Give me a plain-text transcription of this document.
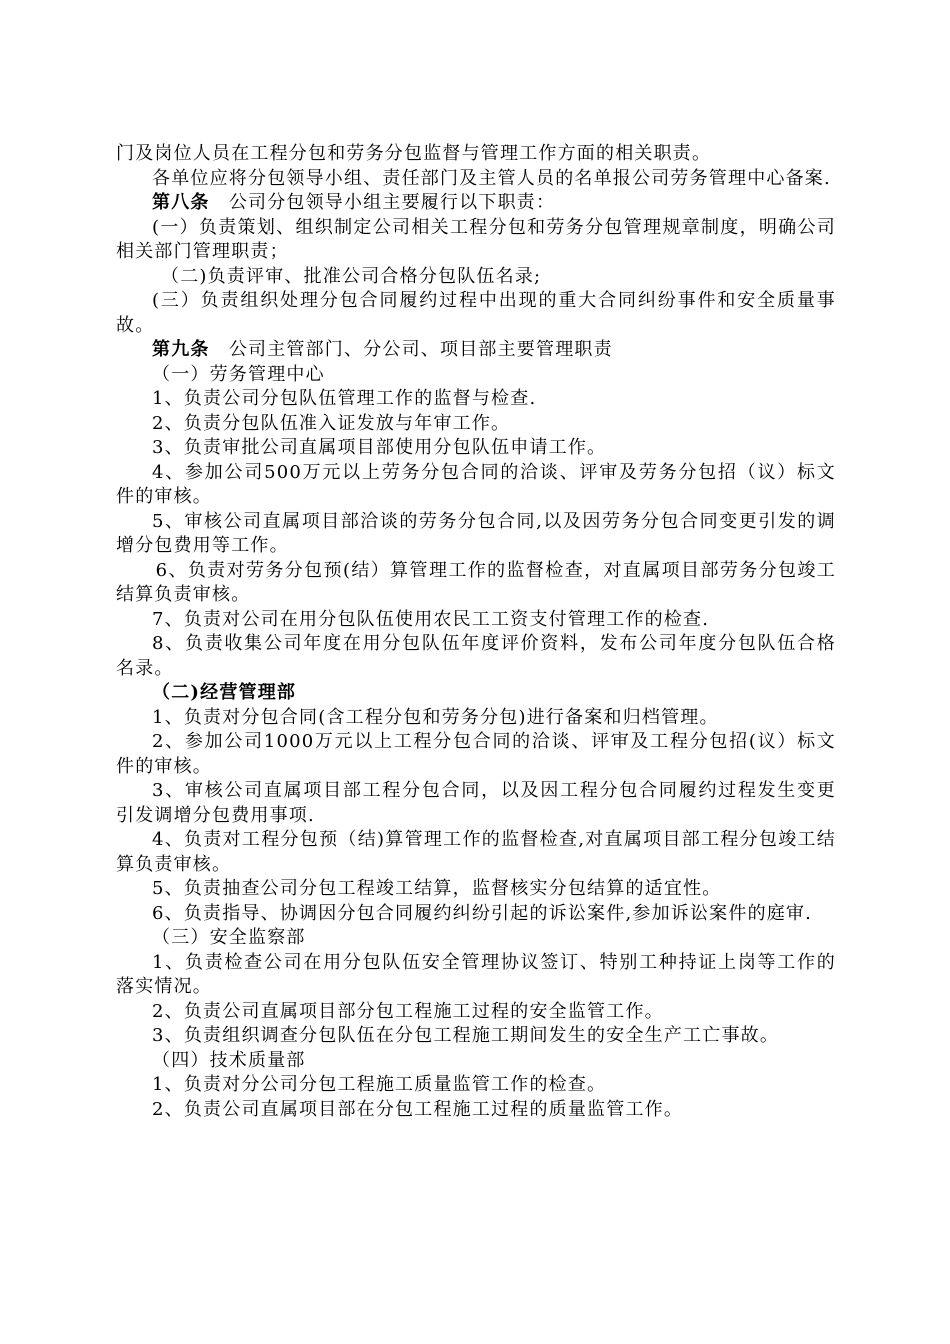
门及岗位人员在工程分包和劳务分包监督与管理工作方面的相关职责。

各单位应将分包领导小组、责任部门及主管人员的名单报公司劳务管理中心备案.

第八条  公司分包领导小组主要履行以下职责：

(一）负责策划、组织制定公司相关工程分包和劳务分包管理规章制度，明确公司相关部门管理职责；

（二)负责评审、批准公司合格分包队伍名录;

(三）负责组织处理分包合同履约过程中出现的重大合同纠纷事件和安全质量事故。

第九条  公司主管部门、分公司、项目部主要管理职责

（一）劳务管理中心

1、负责公司分包队伍管理工作的监督与检查.

2、负责分包队伍准入证发放与年审工作。

3、负责审批公司直属项目部使用分包队伍申请工作。

4、参加公司500万元以上劳务分包合同的洽谈、评审及劳务分包招（议）标文件的审核。

5、审核公司直属项目部洽谈的劳务分包合同,以及因劳务分包合同变更引发的调增分包费用等工作。

6、负责对劳务分包预(结）算管理工作的监督检查，对直属项目部劳务分包竣工结算负责审核。

7、负责对公司在用分包队伍使用农民工工资支付管理工作的检查.

8、负责收集公司年度在用分包队伍年度评价资料，发布公司年度分包队伍合格名录。

（二)经营管理部

1、负责对分包合同(含工程分包和劳务分包)进行备案和归档管理。

2、参加公司1000万元以上工程分包合同的洽谈、评审及工程分包招(议）标文件的审核。

3、审核公司直属项目部工程分包合同，以及因工程分包合同履约过程发生变更引发调增分包费用事项.

4、负责对工程分包预（结)算管理工作的监督检查,对直属项目部工程分包竣工结算负责审核。

5、负责抽查公司分包工程竣工结算，监督核实分包结算的适宜性。

6、负责指导、协调因分包合同履约纠纷引起的诉讼案件,参加诉讼案件的庭审.

（三）安全监察部

1、负责检查公司在用分包队伍安全管理协议签订、特别工种持证上岗等工作的落实情况。

2、负责公司直属项目部分包工程施工过程的安全监管工作。

3、负责组织调查分包队伍在分包工程施工期间发生的安全生产工亡事故。

（四）技术质量部

1、负责对分公司分包工程施工质量监管工作的检查。

2、负责公司直属项目部在分包工程施工过程的质量监管工作。
